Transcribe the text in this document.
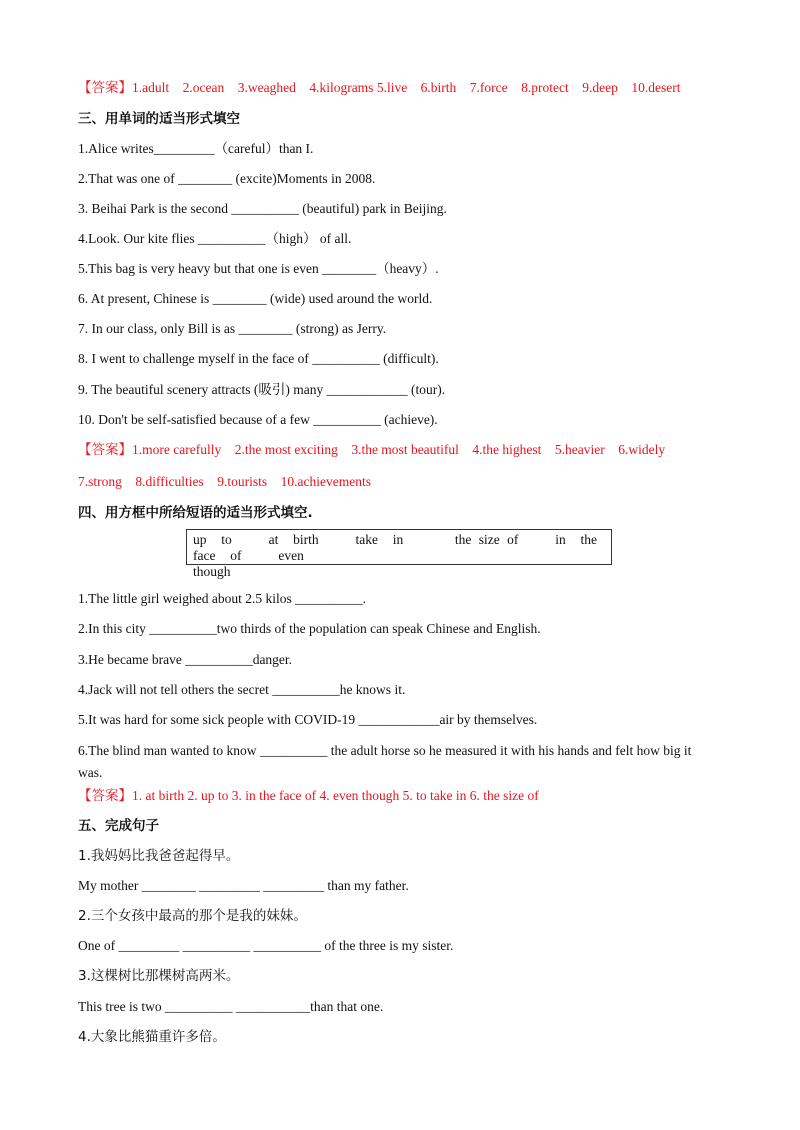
【答案】1.adult　2.ocean　3.weaghed　4.kilograms 5.live　6.birth　7.force　8.protect　9.deep　10.desert
三、用单词的适当形式填空
1.Alice writes_________（careful）than I.
2.That was one of ________ (excite)Moments in 2008.
3. Beihai Park is the second __________ (beautiful) park in Beijing.
4.Look. Our kite flies __________（high） of all.
5.This bag is very heavy but that one is even ________（heavy）.
6. At present, Chinese is ________ (wide) used around the world.
7. In our class, only Bill is as ________ (strong) as Jerry.
8. I went to challenge myself in the face of __________ (difficult).
9. The beautiful scenery attracts (吸引) many ____________ (tour).
10. Don't be self-satisfied because of a few __________ (achieve).
【答案】1.more carefully　2.the most exciting　3.the most beautiful　4.the highest　5.heavier　6.widely
7.strong　8.difficulties　9.tourists　10.achievements
四、用方框中所给短语的适当形式填空.
up  to     at  birth     take  in       the size of     in  the  face  of     even
though
1.The little girl weighed about 2.5 kilos __________.
2.In this city __________two thirds of the population can speak Chinese and English.
3.He became brave __________danger.
4.Jack will not tell others the secret __________he knows it.
5.It was hard for some sick people with COVID-19 ____________air by themselves.
6.The blind man wanted to know __________ the adult horse so he measured it with his hands and felt how big it
was.
【答案】1. at birth 2. up to 3. in the face of 4. even though 5. to take in 6. the size of
五、完成句子
1.我妈妈比我爸爸起得早。
My mother ________ _________ _________ than my father.
2.三个女孩中最高的那个是我的妹妹。
One of _________ __________ __________ of the three is my sister.
3.这棵树比那棵树高两米。
This tree is two __________ ___________than that one.
4.大象比熊猫重许多倍。
